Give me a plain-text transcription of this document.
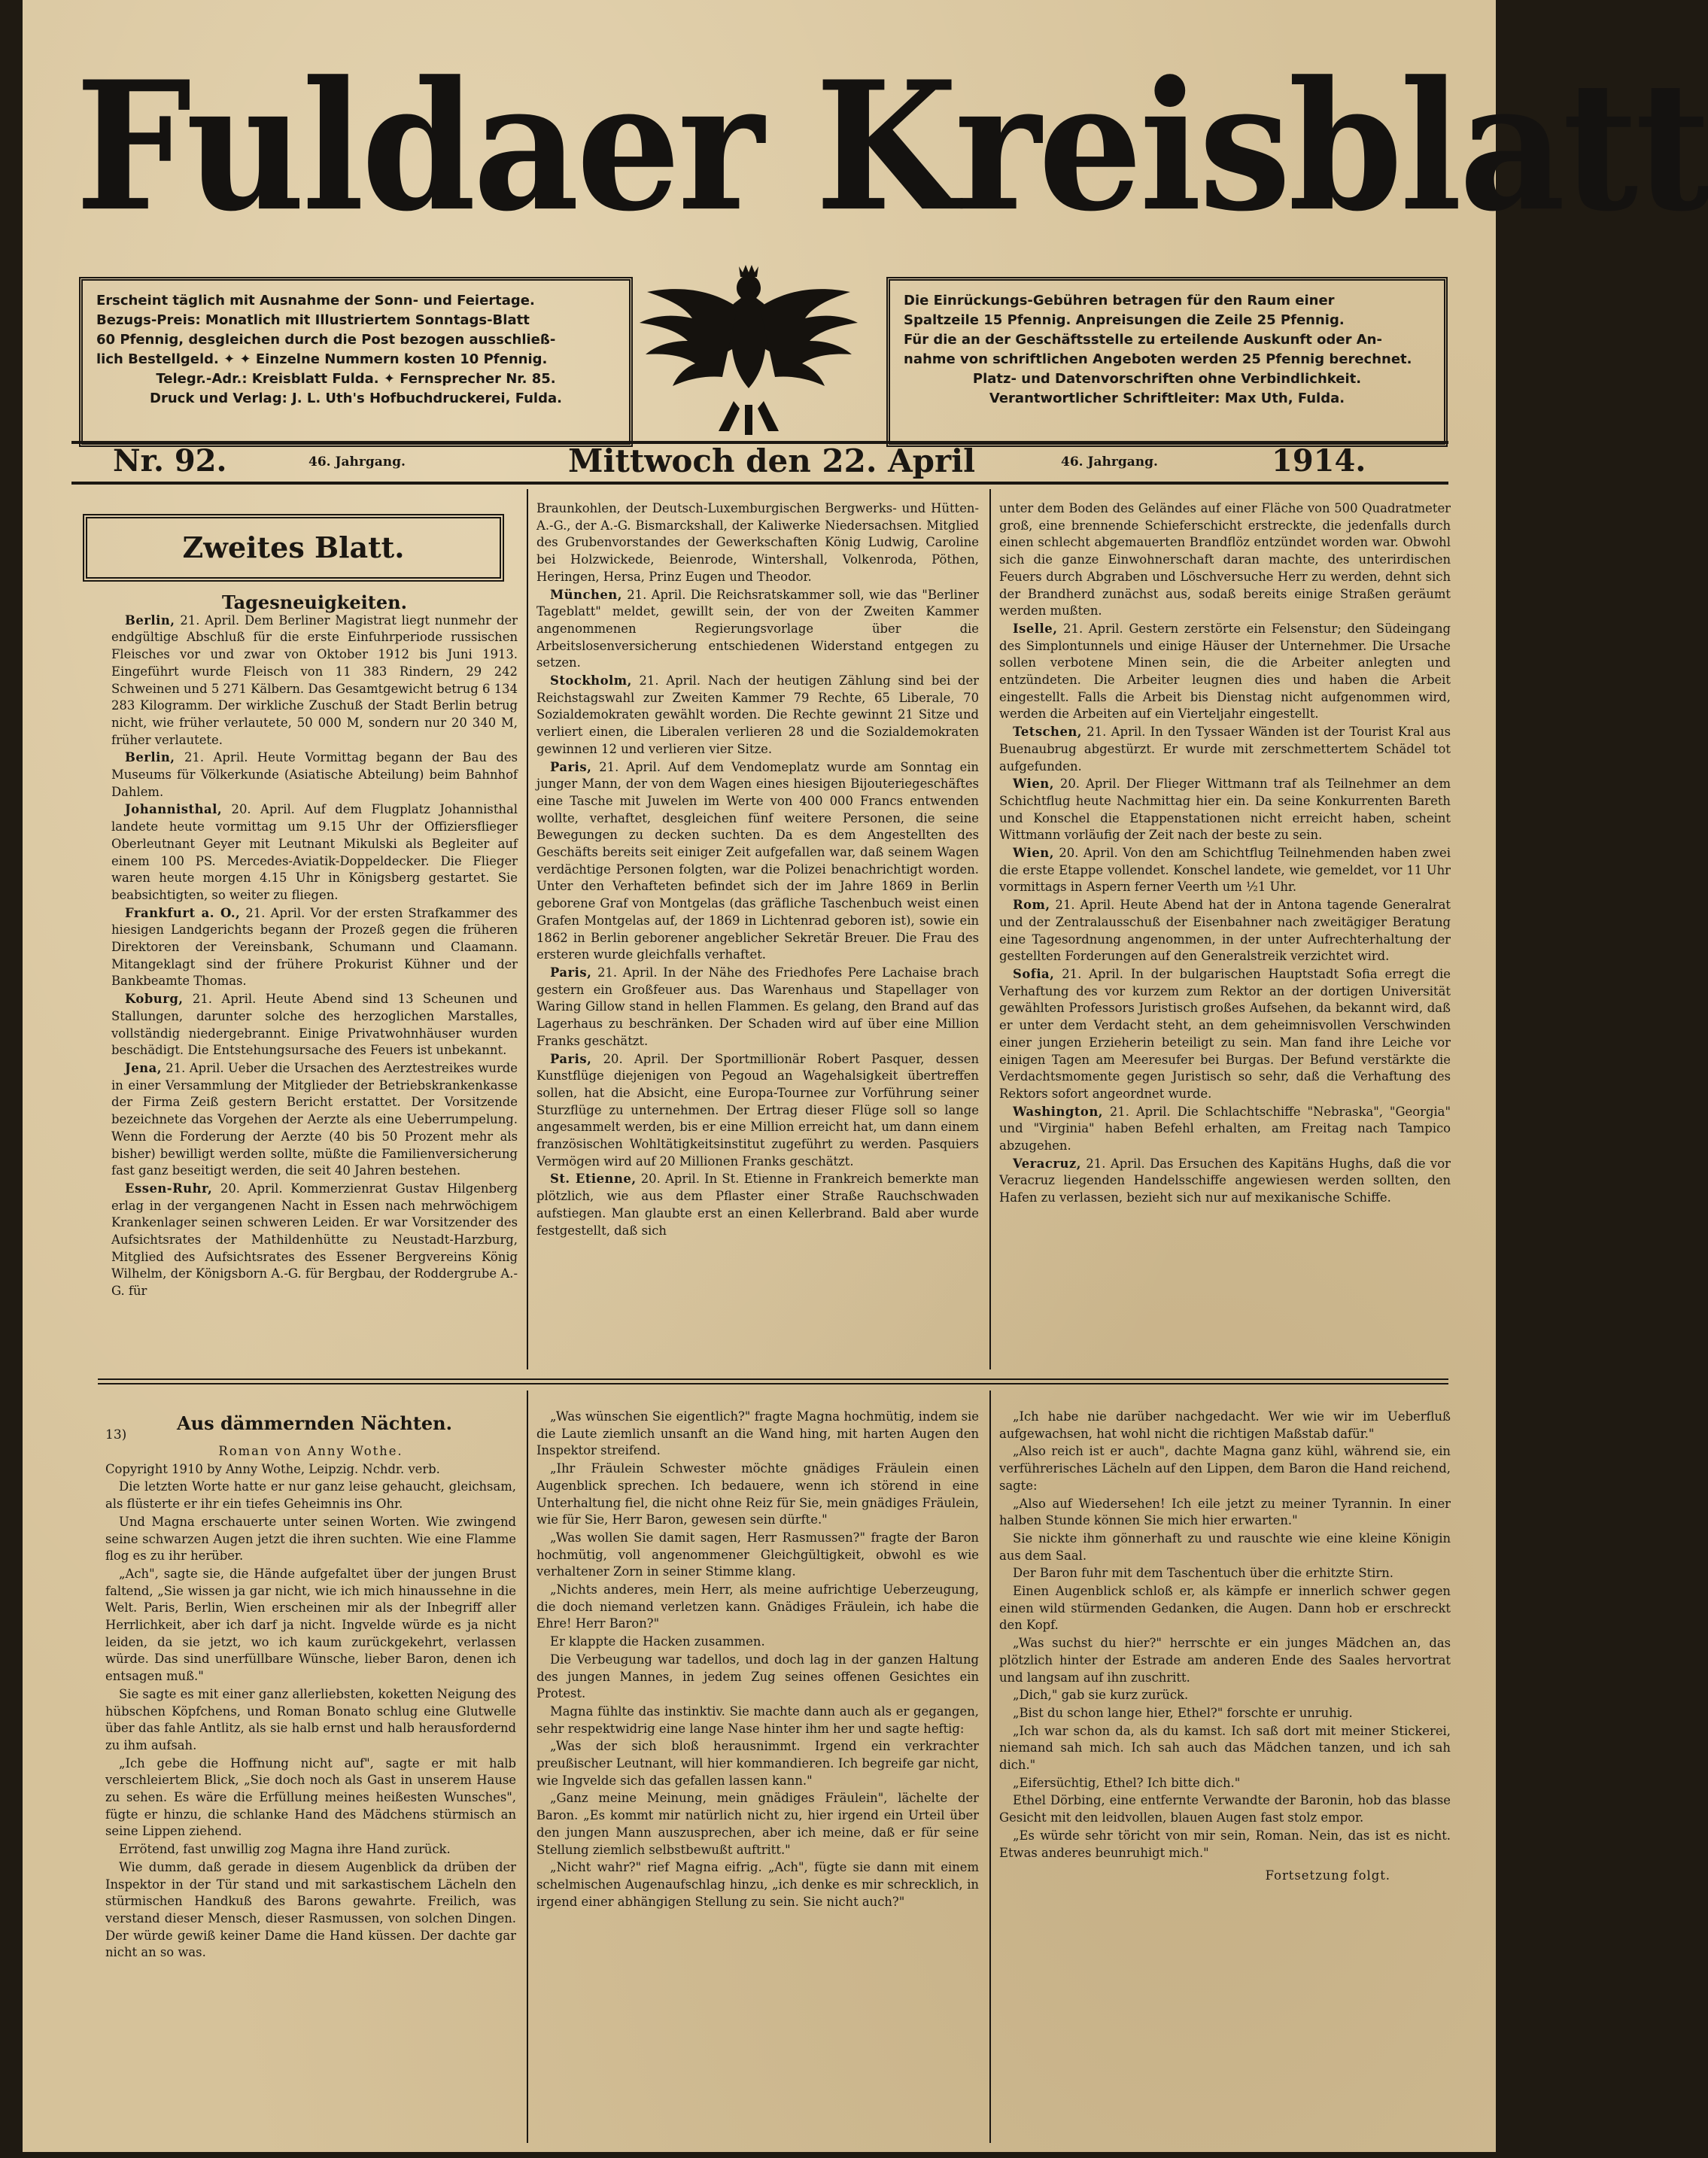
Fuldaer Kreisblatt

Erscheint täglich mit Ausnahme der Sonn- und Feiertage.

Bezugs-Preis: Monatlich mit Illustriertem Sonntags-Blatt

60 Pfennig, desgleichen durch die Post bezogen ausschließ-

lich Bestellgeld. ✦ ✦ Einzelne Nummern kosten 10 Pfennig.

Telegr.-Adr.: Kreisblatt Fulda. ✦ Fernsprecher Nr. 85.

Druck und Verlag: J. L. Uth's Hofbuchdruckerei, Fulda.

Die Einrückungs-Gebühren betragen für den Raum einer

Spaltzeile 15 Pfennig. Anpreisungen die Zeile 25 Pfennig.

Für die an der Geschäftsstelle zu erteilende Auskunft oder An-

nahme von schriftlichen Angeboten werden 25 Pfennig berechnet.

Platz- und Datenvorschriften ohne Verbindlichkeit.

Verantwortlicher Schriftleiter: Max Uth, Fulda.

Nr. 92.	46. Jahrgang.	Mittwoch den 22. April	46. Jahrgang.	1914.
Zweites Blatt.

Tagesneuigkeiten.

Berlin, 21. April. Dem Berliner Magistrat liegt nunmehr der endgültige Abschluß für die erste Einfuhrperiode russischen Fleisches vor und zwar von Oktober 1912 bis Juni 1913. Eingeführt wurde Fleisch von 11 383 Rindern, 29 242 Schweinen und 5 271 Kälbern. Das Gesamtgewicht betrug 6 134 283 Kilogramm. Der wirkliche Zuschuß der Stadt Berlin betrug nicht, wie früher verlautete, 50 000 M, sondern nur 20 340 M, früher verlautete.

Berlin, 21. April. Heute Vormittag begann der Bau des Museums für Völkerkunde (Asiatische Abteilung) beim Bahnhof Dahlem.

Johannisthal, 20. April. Auf dem Flugplatz Johannisthal landete heute vormittag um 9.15 Uhr der Offiziersflieger Oberleutnant Geyer mit Leutnant Mikulski als Begleiter auf einem 100 PS. Mercedes-Aviatik-Doppeldecker. Die Flieger waren heute morgen 4.15 Uhr in Königsberg gestartet. Sie beabsichtigten, so weiter zu fliegen.

Frankfurt a. O., 21. April. Vor der ersten Strafkammer des hiesigen Landgerichts begann der Prozeß gegen die früheren Direktoren der Vereinsbank, Schumann und Claamann. Mitangeklagt sind der frühere Prokurist Kühner und der Bankbeamte Thomas.

Koburg, 21. April. Heute Abend sind 13 Scheunen und Stallungen, darunter solche des herzoglichen Marstalles, vollständig niedergebrannt. Einige Privatwohnhäuser wurden beschädigt. Die Entstehungsursache des Feuers ist unbekannt.

Jena, 21. April. Ueber die Ursachen des Aerztestreikes wurde in einer Versammlung der Mitglieder der Betriebskrankenkasse der Firma Zeiß gestern Bericht erstattet. Der Vorsitzende bezeichnete das Vorgehen der Aerzte als eine Ueberrumpelung. Wenn die Forderung der Aerzte (40 bis 50 Prozent mehr als bisher) bewilligt werden sollte, müßte die Familienversicherung fast ganz beseitigt werden, die seit 40 Jahren bestehen.

Essen-Ruhr, 20. April. Kommerzienrat Gustav Hilgenberg erlag in der vergangenen Nacht in Essen nach mehrwöchigem Krankenlager seinen schweren Leiden. Er war Vorsitzender des Aufsichtsrates der Mathildenhütte zu Neustadt-Harzburg, Mitglied des Aufsichtsrates des Essener Bergvereins König Wilhelm, der Königsborn A.-G. für Bergbau, der Roddergrube A.-G. für

Braunkohlen, der Deutsch-Luxemburgischen Bergwerks- und Hütten-A.-G., der A.-G. Bismarckshall, der Kaliwerke Niedersachsen. Mitglied des Grubenvorstandes der Gewerkschaften König Ludwig, Caroline bei Holzwickede, Beienrode, Wintershall, Volkenroda, Pöthen, Heringen, Hersa, Prinz Eugen und Theodor.

München, 21. April. Die Reichsratskammer soll, wie das "Berliner Tageblatt" meldet, gewillt sein, der von der Zweiten Kammer angenommenen Regierungsvorlage über die Arbeitslosenversicherung entschiedenen Widerstand entgegen zu setzen.

Stockholm, 21. April. Nach der heutigen Zählung sind bei der Reichstagswahl zur Zweiten Kammer 79 Rechte, 65 Liberale, 70 Sozialdemokraten gewählt worden. Die Rechte gewinnt 21 Sitze und verliert einen, die Liberalen verlieren 28 und die Sozialdemokraten gewinnen 12 und verlieren vier Sitze.

Paris, 21. April. Auf dem Vendomeplatz wurde am Sonntag ein junger Mann, der von dem Wagen eines hiesigen Bijouteriegeschäftes eine Tasche mit Juwelen im Werte von 400 000 Francs entwenden wollte, verhaftet, desgleichen fünf weitere Personen, die seine Bewegungen zu decken suchten. Da es dem Angestellten des Geschäfts bereits seit einiger Zeit aufgefallen war, daß seinem Wagen verdächtige Personen folgten, war die Polizei benachrichtigt worden. Unter den Verhafteten befindet sich der im Jahre 1869 in Berlin geborene Graf von Montgelas (das gräfliche Taschenbuch weist einen Grafen Montgelas auf, der 1869 in Lichtenrad geboren ist), sowie ein 1862 in Berlin geborener angeblicher Sekretär Breuer. Die Frau des ersteren wurde gleichfalls verhaftet.

Paris, 21. April. In der Nähe des Friedhofes Pere Lachaise brach gestern ein Großfeuer aus. Das Warenhaus und Stapellager von Waring Gillow stand in hellen Flammen. Es gelang, den Brand auf das Lagerhaus zu beschränken. Der Schaden wird auf über eine Million Franks geschätzt.

Paris, 20. April. Der Sportmillionär Robert Pasquer, dessen Kunstflüge diejenigen von Pegoud an Wagehalsigkeit übertreffen sollen, hat die Absicht, eine Europa-Tournee zur Vorführung seiner Sturzflüge zu unternehmen. Der Ertrag dieser Flüge soll so lange angesammelt werden, bis er eine Million erreicht hat, um dann einem französischen Wohltätigkeitsinstitut zugeführt zu werden. Pasquiers Vermögen wird auf 20 Millionen Franks geschätzt.

St. Etienne, 20. April. In St. Etienne in Frankreich bemerkte man plötzlich, wie aus dem Pflaster einer Straße Rauchschwaden aufstiegen. Man glaubte erst an einen Kellerbrand. Bald aber wurde festgestellt, daß sich

unter dem Boden des Geländes auf einer Fläche von 500 Quadratmeter groß, eine brennende Schieferschicht erstreckte, die jedenfalls durch einen schlecht abgemauerten Brandflöz entzündet worden war. Obwohl sich die ganze Einwohnerschaft daran machte, des unterirdischen Feuers durch Abgraben und Löschversuche Herr zu werden, dehnt sich der Brandherd zunächst aus, sodaß bereits einige Straßen geräumt werden mußten.

Iselle, 21. April. Gestern zerstörte ein Felsenstur; den Südeingang des Simplontunnels und einige Häuser der Unternehmer. Die Ursache sollen verbotene Minen sein, die die Arbeiter anlegten und entzündeten. Die Arbeiter leugnen dies und haben die Arbeit eingestellt. Falls die Arbeit bis Dienstag nicht aufgenommen wird, werden die Arbeiten auf ein Vierteljahr eingestellt.

Tetschen, 21. April. In den Tyssaer Wänden ist der Tourist Kral aus Buenaubrug abgestürzt. Er wurde mit zerschmettertem Schädel tot aufgefunden.

Wien, 20. April. Der Flieger Wittmann traf als Teilnehmer an dem Schichtflug heute Nachmittag hier ein. Da seine Konkurrenten Bareth und Konschel die Etappenstationen nicht erreicht haben, scheint Wittmann vorläufig der Zeit nach der beste zu sein.

Wien, 20. April. Von den am Schichtflug Teilnehmenden haben zwei die erste Etappe vollendet. Konschel landete, wie gemeldet, vor 11 Uhr vormittags in Aspern ferner Veerth um ½1 Uhr.

Rom, 21. April. Heute Abend hat der in Antona tagende Generalrat und der Zentralausschuß der Eisenbahner nach zweitägiger Beratung eine Tagesordnung angenommen, in der unter Aufrechterhaltung der gestellten Forderungen auf den Generalstreik verzichtet wird.

Sofia, 21. April. In der bulgarischen Hauptstadt Sofia erregt die Verhaftung des vor kurzem zum Rektor an der dortigen Universität gewählten Professors Juristisch großes Aufsehen, da bekannt wird, daß er unter dem Verdacht steht, an dem geheimnisvollen Verschwinden einer jungen Erzieherin beteiligt zu sein. Man fand ihre Leiche vor einigen Tagen am Meeresufer bei Burgas. Der Befund verstärkte die Verdachtsmomente gegen Juristisch so sehr, daß die Verhaftung des Rektors sofort angeordnet wurde.

Washington, 21. April. Die Schlachtschiffe "Nebraska", "Georgia" und "Virginia" haben Befehl erhalten, am Freitag nach Tampico abzugehen.

Veracruz, 21. April. Das Ersuchen des Kapitäns Hughs, daß die vor Veracruz liegenden Handelsschiffe angewiesen werden sollten, den Hafen zu verlassen, bezieht sich nur auf mexikanische Schiffe.

13)
Aus dämmernden Nächten.

Roman von Anny Wothe.

Copyright 1910 by Anny Wothe, Leipzig. Nchdr. verb.

Die letzten Worte hatte er nur ganz leise gehaucht, gleichsam, als flüsterte er ihr ein tiefes Geheimnis ins Ohr.

Und Magna erschauerte unter seinen Worten. Wie zwingend seine schwarzen Augen jetzt die ihren suchten. Wie eine Flamme flog es zu ihr herüber.

„Ach", sagte sie, die Hände aufgefaltet über der jungen Brust faltend, „Sie wissen ja gar nicht, wie ich mich hinaussehne in die Welt. Paris, Berlin, Wien erscheinen mir als der Inbegriff aller Herrlichkeit, aber ich darf ja nicht. Ingvelde würde es ja nicht leiden, da sie jetzt, wo ich kaum zurückgekehrt, verlassen würde. Das sind unerfüllbare Wünsche, lieber Baron, denen ich entsagen muß."

Sie sagte es mit einer ganz allerliebsten, koketten Neigung des hübschen Köpfchens, und Roman Bonato schlug eine Glutwelle über das fahle Antlitz, als sie halb ernst und halb herausfordernd zu ihm aufsah.

„Ich gebe die Hoffnung nicht auf", sagte er mit halb verschleiertem Blick, „Sie doch noch als Gast in unserem Hause zu sehen. Es wäre die Erfüllung meines heißesten Wunsches", fügte er hinzu, die schlanke Hand des Mädchens stürmisch an seine Lippen ziehend.

Errötend, fast unwillig zog Magna ihre Hand zurück.

Wie dumm, daß gerade in diesem Augenblick da drüben der Inspektor in der Tür stand und mit sarkastischem Lächeln den stürmischen Handkuß des Barons gewahrte. Freilich, was verstand dieser Mensch, dieser Rasmussen, von solchen Dingen. Der würde gewiß keiner Dame die Hand küssen. Der dachte gar nicht an so was.

„Was wünschen Sie eigentlich?" fragte Magna hochmütig, indem sie die Laute ziemlich unsanft an die Wand hing, mit harten Augen den Inspektor streifend.

„Ihr Fräulein Schwester möchte gnädiges Fräulein einen Augenblick sprechen. Ich bedauere, wenn ich störend in eine Unterhaltung fiel, die nicht ohne Reiz für Sie, mein gnädiges Fräulein, wie für Sie, Herr Baron, gewesen sein dürfte."

„Was wollen Sie damit sagen, Herr Rasmussen?" fragte der Baron hochmütig, voll angenommener Gleichgültigkeit, obwohl es wie verhaltener Zorn in seiner Stimme klang.

„Nichts anderes, mein Herr, als meine aufrichtige Ueberzeugung, die doch niemand verletzen kann. Gnädiges Fräulein, ich habe die Ehre! Herr Baron?"

Er klappte die Hacken zusammen.

Die Verbeugung war tadellos, und doch lag in der ganzen Haltung des jungen Mannes, in jedem Zug seines offenen Gesichtes ein Protest.

Magna fühlte das instinktiv. Sie machte dann auch als er gegangen, sehr respektwidrig eine lange Nase hinter ihm her und sagte heftig:

„Was der sich bloß herausnimmt. Irgend ein verkrachter preußischer Leutnant, will hier kommandieren. Ich begreife gar nicht, wie Ingvelde sich das gefallen lassen kann."

„Ganz meine Meinung, mein gnädiges Fräulein", lächelte der Baron. „Es kommt mir natürlich nicht zu, hier irgend ein Urteil über den jungen Mann auszusprechen, aber ich meine, daß er für seine Stellung ziemlich selbstbewußt auftritt."

„Nicht wahr?" rief Magna eifrig. „Ach", fügte sie dann mit einem schelmischen Augenaufschlag hinzu, „ich denke es mir schrecklich, in irgend einer abhängigen Stellung zu sein. Sie nicht auch?"

„Ich habe nie darüber nachgedacht. Wer wie wir im Ueberfluß aufgewachsen, hat wohl nicht die richtigen Maßstab dafür."

„Also reich ist er auch", dachte Magna ganz kühl, während sie, ein verführerisches Lächeln auf den Lippen, dem Baron die Hand reichend, sagte:

„Also auf Wiedersehen! Ich eile jetzt zu meiner Tyrannin. In einer halben Stunde können Sie mich hier erwarten."

Sie nickte ihm gönnerhaft zu und rauschte wie eine kleine Königin aus dem Saal.

Der Baron fuhr mit dem Taschentuch über die erhitzte Stirn.

Einen Augenblick schloß er, als kämpfe er innerlich schwer gegen einen wild stürmenden Gedanken, die Augen. Dann hob er erschreckt den Kopf.

„Was suchst du hier?" herrschte er ein junges Mädchen an, das plötzlich hinter der Estrade am anderen Ende des Saales hervortrat und langsam auf ihn zuschritt.

„Dich," gab sie kurz zurück.

„Bist du schon lange hier, Ethel?" forschte er unruhig.

„Ich war schon da, als du kamst. Ich saß dort mit meiner Stickerei, niemand sah mich. Ich sah auch das Mädchen tanzen, und ich sah dich."

„Eifersüchtig, Ethel? Ich bitte dich."

Ethel Dörbing, eine entfernte Verwandte der Baronin, hob das blasse Gesicht mit den leidvollen, blauen Augen fast stolz empor.

„Es würde sehr töricht von mir sein, Roman. Nein, das ist es nicht. Etwas anderes beunruhigt mich."

Fortsetzung folgt.
